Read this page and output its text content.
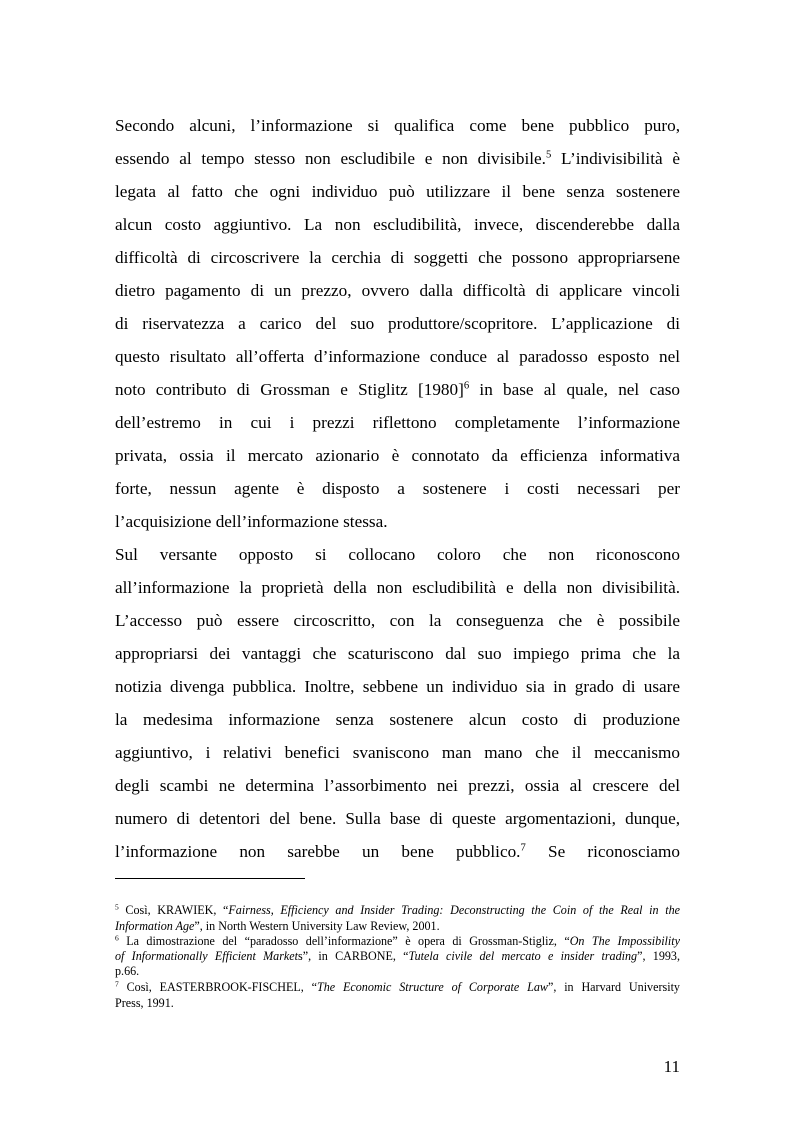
Secondo alcuni, l’informazione si qualifica come bene pubblico puro,
essendo al tempo stesso non escludibile e non divisibile.$^5$ L’indivisibilità è
legata al fatto che ogni individuo può utilizzare il bene senza sostenere
alcun costo aggiuntivo. La non escludibilità, invece, discenderebbe dalla
difficoltà di circoscrivere la cerchia di soggetti che possono appropriarsene
dietro pagamento di un prezzo, ovvero dalla difficoltà di applicare vincoli
di riservatezza a carico del suo produttore/scopritore. L’applicazione di
questo risultato all’offerta d’informazione conduce al paradosso esposto nel
noto contributo di Grossman e Stiglitz $[1980]^6$ in base al quale, nel caso
dell’estremo in cui i prezzi riflettono completamente l’informazione
privata, ossia il mercato azionario è connotato da efficienza informativa
forte, nessun agente è disposto a sostenere i costi necessari per
l’acquisizione dell’informazione stessa.
Sul versante opposto si collocano coloro che non riconoscono
all’informazione la proprietà della non escludibilità e della non divisibilità.
L’accesso può essere circoscritto, con la conseguenza che è possibile
appropriarsi dei vantaggi che scaturiscono dal suo impiego prima che la
notizia divenga pubblica. Inoltre, sebbene un individuo sia in grado di usare
la medesima informazione senza sostenere alcun costo di produzione
aggiuntivo, i relativi benefici svaniscono man mano che il meccanismo
degli scambi ne determina l’assorbimento nei prezzi, ossia al crescere del
numero di detentori del bene. Sulla base di queste argomentazioni, dunque,
l’informazione non sarebbe un bene pubblico.$^7$ Se riconosciamo
$^5$ Così, KRAWIEK, “Fairness, Efficiency and Insider Trading: Deconstructing the Coin of the Real in the
Information Age”, in North Western University Law Review, 2001.
$^6$ La dimostrazione del “paradosso dell’informazione” è opera di Grossman-Stigliz, “On The Impossibility
of Informationally Efficient Markets”, in CARBONE, “Tutela civile del mercato e insider trading”, 1993,
p.66.
$^7$ Così, EASTERBROOK-FISCHEL, “The Economic Structure of Corporate Law”, in Harvard University
Press, 1991.
11
